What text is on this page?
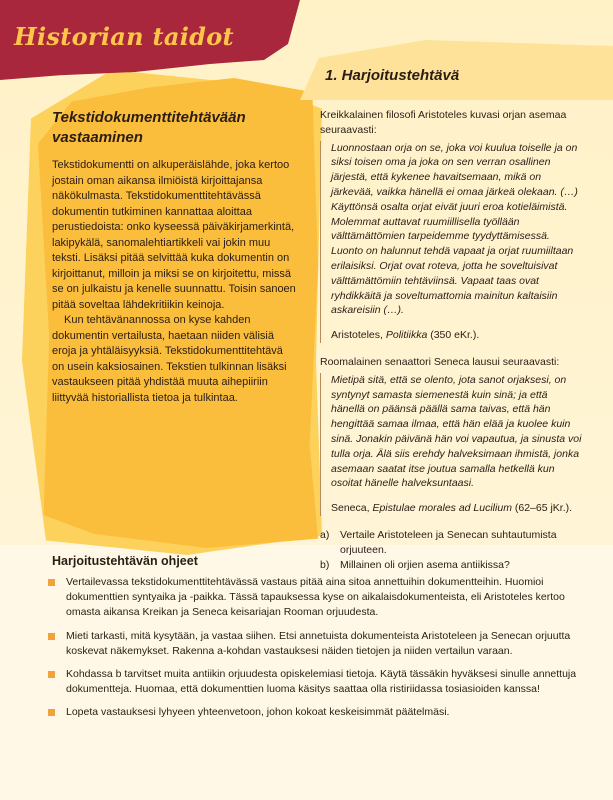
Historian taidot
Tekstidokumenttitehtävään vastaaminen

Tekstidokumentti on alkuperäislähde, joka kertoo jostain oman aikansa ilmiöistä kirjoittajansa näkökulmasta. Tekstidokumenttitehtävässä dokumentin tutkiminen kannattaa aloittaa perustiedoista: onko kyseessä päiväkirjamerkintä, lakipykälä, sanomalehtiartikkeli vai jokin muu teksti. Lisäksi pitää selvittää kuka dokumentin on kirjoittanut, milloin ja miksi se on kirjoitettu, missä se on julkaistu ja kenelle suunnattu. Toisin sanoen pitää soveltaa lähdekritiikin keinoja.

Kun tehtävänannossa on kyse kahden dokumentin vertailusta, haetaan niiden välisiä eroja ja yhtäläisyyksiä. Tekstidokumenttitehtävä on usein kaksiosainen. Tekstien tulkinnan lisäksi vastaukseen pitää yhdistää muuta aihepiiriin liittyvää historiallista tietoa ja tulkintaa.

1. Harjoitustehtävä

Kreikkalainen filosofi Aristoteles kuvasi orjan asemaa seuraavasti:

Luonnostaan orja on se, joka voi kuulua toiselle ja on siksi toisen oma ja joka on sen verran osallinen järjestä, että kykenee havaitsemaan, mikä on järkevää, vaikka hänellä ei omaa järkeä olekaan. (…) Käyttönsä osalta orjat eivät juuri eroa kotieläimistä. Molemmat auttavat ruumiillisella työllään välttämättömien tarpeidemme tyydyttämisessä. Luonto on halunnut tehdä vapaat ja orjat ruumiiltaan erilaisiksi. Orjat ovat roteva, jotta he soveltuisivat välttämättömiin tehtäviinsä. Vapaat taas ovat ryhdikkäitä ja soveltumattomia mainitun kaltaisiin askareisiin (…).

Aristoteles, Politiikka (350 eKr.).

Roomalainen senaattori Seneca lausui seuraavasti:

Mietipä sitä, että se olento, jota sanot orjaksesi, on syntynyt samasta siemenestä kuin sinä; ja että hänellä on päänsä päällä sama taivas, että hän hengittää samaa ilmaa, että hän elää ja kuolee kuin sinä. Jonakin päivänä hän voi vapautua, ja sinusta voi tulla orja. Älä siis erehdy halveksimaan ihmistä, jonka asemaan saatat itse joutua samalla hetkellä kun osoitat hänelle halveksuntaasi.

Seneca, Epistulae morales ad Lucilium (62–65 jKr.).

a)	Vertaile Aristoteleen ja Senecan suhtautumista orjuuteen.
b)	Millainen oli orjien asema antiikissa?
Harjoitustehtävän ohjeet
Vertailevassa tekstidokumenttitehtävässä vastaus pitää aina sitoa annettuihin dokumentteihin. Huomioi dokumenttien syntyaika ja -paikka. Tässä tapauksessa kyse on aikalaisdokumenteista, eli Aristoteles kertoo omasta aikansa Kreikan ja Seneca keisariajan Rooman orjuudesta.
Mieti tarkasti, mitä kysytään, ja vastaa siihen. Etsi annetuista dokumenteista Aristoteleen ja Senecan orjuutta koskevat näkemykset. Rakenna a-kohdan vastauksesi näiden tietojen ja niiden vertailun varaan.
Kohdassa b tarvitset muita antiikin orjuudesta opiskelemiasi tietoja. Käytä tässäkin hyväksesi sinulle annettuja dokumentteja. Huomaa, että dokumenttien luoma käsitys saattaa olla ristiriidassa tosiasioiden kanssa!
Lopeta vastauksesi lyhyeen yhteenvetoon, johon kokoat keskeisimmät päätelmäsi.
